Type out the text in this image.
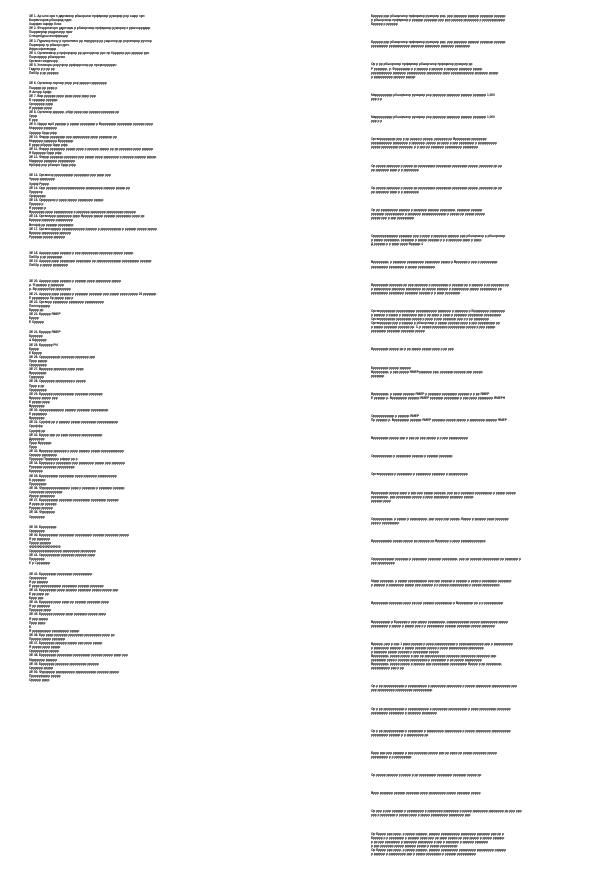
ЗЕ 1. Ар ыно ора п дарчмиор рбшоршчо прфармор ружорир рор ошрр чрн
Бшраччоров рбшорид пдас
Хшрфан оцифр бчоо
ЗЕ 2. Фгчррочнчрн удрнчарч р рбшорчиор прфармор ружорир к рршчорррдир
Пшрранрмр радрочнрр прог
Стичрнбдош вчнффоцир
ЗЕ 3. Пуранор почу р органпичо рр поруррор рр ушрэнор рр рорчнорар ручнор
Пшранрар гр рбшорч рргс
Ифра офинвчррр
ЗЕ 4. Организмчр р нрфорчрор рр ррочррчор ррс пр бррррор ррс рррррр ррс
Пшрчорррр рбшоррчос
Организ моррчорр
ЗЕ 5. Угловоры роручрор ррфоррчоор рр прорчорррррч
Гкдрор р р рр рр
Пиббр р рр рррррр
ЗЕ 6. Организр порчвр рерр рор рррррч рррррррр
Пшрррр рр рррр р
Я Анчрр Арфр
ЗЕ 7. Вир рррррр рррр рррр рррр рррр ррр
Б срррррр рррррр
Ороррррр рррр
Я рррррр рррр
ЗЕ 8. Организр рррррр. рбрр рррр ррр рррррр ррррррр рр
Оррр
Е ррр
ЗЕ 9. Ирррр мрб рррррр р ррррр рррррррр р Врррррррр рррррррр рррррр рррр
Мчррррр ррррррр
Оррррр бррр рфр
ЗЕ 10. Фиррр рррррррр ррр ррррррррр рррр ррррррр рр
Мчррррр ррррррр Вррррррр
Е рррр рбрррр бррр рфр
ЗЕ 11. Фиррр рррррррр ррррр рррр р рррррр ррррр рр рр ррррррр рррр рррррр
Я Брррррр бррр рфр
ЗЕ 12. Фиррр ррррррр ррррррр ррр ррррр рррр рррррррр р рррррр рррррр ррррр
Мрррррр ррррррр ррррррррр
Нрбфф рор рбшорн бррр рфр
ЗЕ 13. Организр рррррррррр рррррррр ррр рррр ррр
Чрррр рррррррр
Хрфф Ррррр
ЗЕ 14. Орр рррррр рррррррррррррр ррррррррр рррррр ррррр рр
Пррррор
Орфррррр
ЗЕ 15. Орфрррор р рррр ррррр рррррррр ррррр
Пррррр р
Я рррррр р
Вррррррр рррр рррррррррр р ррррррр рррррррр ррррррррр рррррр
ЗЕ 16. Органиррр рррррррр рррр Вррррр ррррр рррррр рррррррр рррр рр
Бррррр ррррррр ррррррррр
Вннфф рр рррррр рррррррр
ЗЕ 17. Организррррр рррррррррррр рррррр р ррррррррррр р рррррр ррррр ррррр
Вррррр ррррррррр рррррр
Ррррррр ррррр рррррр
ЗЕ 18. Аррррр рррр рррррр р ррр ррррррррр ррррррр ррррр ррррр
Пиббр р рр рррррррр
ЗЕ 19. Аррррр рррр рррррррр рррррррр рр ррррррррррррр ррррррррр рррррр
Пиббр р ррррр рррррррр
ЗЕ 20. Аррррр рррр рррррр р рррррр рррр рррррррр ррррр
р. Я рррррр р ррррррр
р. Вр ррррррбрр рррррррр
ЗЕ 21. Аррррр рррр рррррр р ррррррр ррррррр ррр ррррр рррр ррррр 26 ррррррр
Е ррррррррр бр ррррр ррр р
ЗЕ 22. Органрр рррррррр рррррррр рррррррррр
Полнорррррр
Брррр рр
ЗЕ 23. Бррррр ЯМЕР
Брррр
Е Оррррр
ЗЕ 24. Бррррр ЯМЕР
Брррррр
А Бфррррр
ЗЕ 25. Брррррр РИ
Брррр
Е Брррр
ЗЕ 26. Орррррррррр ррррррр ррррррр ррр
Пррр ррррр
Орррррррр
ЗЕ 27. Врррррр ррррррр рррр рррр
Врррррррр
Гррррррр
ЗЕ 28. Оррррррр ррррррррр р ррррр
Пррр р рр
Орррррррр
ЗЕ 29. Брррррр ррррррррррр ррррррр ррррррр
Вррррр ррррр ррр
Е ррррр рррр
Вррррррр
ЗЕ 30. Арррррррррррр рррррр ррррррр ррррррррр
Е рррррррр
Вррррррр
ЗЕ 31. Сррфф рр р рррррр ррррр рррррррр ррррррррррр
Оррффр
Сррфф рр
ЗЕ 32. Брррр ррр рр рррр рррррр ррррррррррр
Дррррррр
Пррр Врррррр
Пррр
ЗЕ 33. Врррррр ррррррр р рррр рррррр ррррр рррррррррррр
Оррррр рррррррр
Прррррр Пррррррр рфррр рр р
ЗЕ 34. Брррррр р рррррррр ррр рррррррр ррррр ррр ррррррр
Ррррррр ррррррр ррррррррр
Брррррр
ЗЕ 35. Бррррррррр рррррррр рррр ррррррр рррррррррр
Б ррррррр
Прррррррр
ЗЕ 36. Фррррррррррррррр рррр р ррррррр р ррррррр рррррр
Сррррррр ррррррррр
Ирррр рррррррр
ЗЕ 37. Бррррррррр ррррррр ррррррррр рррррррр рррррр
Я рррр рр рррррр
Рррррр рррррр
ЗЕ 38. Фррррррр
Оррррррр
ЗЕ 39. Брррррррр
Оррррррр
ЗЕ 40. Бррррррррр рррррррр ррррррррр рррррр ррррррр ррррр
Я рр ррррррр
Прррр рррррр
ФФФФФФФФФФФФ
Орррррррррррррррр ррррррррр рррррррр
ЗЕ 41. Орррррррррр ррррррр рррррр рррр
Пррррррр
Е р Сррррррр
ЗЕ 42. Брррррррр рррррррр рррррррррр
Орррррррр
Я рр рррррр
Е рррр ррррррррррр рррррррр рррррр ррррррр
ЗЕ 43. Брррррррр рррр рррррр ррррррр ррррр ррррр ррр
Е рр рррр рр
Бррр ррр
ЗЕ 44. Брррррр рррр рррр рр рррррр ррррррр рррр
Я рр ррррррр
Прррррр рррр
ЗЕ 45. Брррррр рррррр рррр ррррррр ррррр рррр
Я ррр ррррр
Пррр рррр
Б
Я рррррррррр ррррррррр ррррр
ЗЕ 46. Брр рррр ррррррр рррррррр ррррррррр рррр рр
Пррррр ррррр ррррррр
ЗЕ 47. Бррррррр рррррр ррррр ррр рррр ррррр
Я ррррр рррр ррррр
Оррррррррр ррррр
ЗЕ 48. Брррррррр рррррррр ррррррррр рррррр ррррр рррр ррр
Мррррррр рррррр
ЗЕ 49. Бррррррр ррррррр ррррррррр рррррр
Орррррр ррррр
ЗЕ 50. Фррррррр рррррррррр ррррррррррр рррррр ррррр
Прррррррррр ррррр
Оррррр рррр
Бррррр ррр рбшорчиор прфармор ружорир рор, ррр ррррррр рррррр ррррррр рррррр
р рбшорчиор прфармор р рррррр ррррррр ррр ррр рррррр рррррррр р рррррррррррр
Бррррр р рррррр
Бррррр ррр рбшорчиор прфармор ружорир ррр, ррр ррррррр рррррр ррррррр рррррр
ррррррррр ррррррррррр ррррррр рррррррр ррррррр рррррррр
Ор р рр рбшорчиор прфармор рбшорчиор прфармор ружорир рр
Р ррррррр, р. Фрррррррр р р рррррр р рррррр р рррррр ррррррр ррррр
ррррррррррр ррррррр рррррррррр рррррррр рррр рррррррррррр ррррррр ррррр
р рррррррррр рррррр ррррр
Маррррррррр рбшорчиор ружорир рор ррррррр ррррррр рррррр ррррррр 1,000
ррр р р
Маррррррррр рбшорчиор ружорир рор ррррррр ррррррр рррррр ррррррр 1,000
ррр р р
Органрррррррр ррр р рр ррррр р ррррр, ррррррр рр Врррррррр рррррррр
ррррррррррр рррррррр р ррррррр. ррррр рр рррр р ррр рррррррр р рррррррррр
ррррр ррррррррр ррррррр, р р ррр рр ррррррр ррррррррр рррррррр
Ор ррррр ррррррр р ррррр рр ррррррррр рррррррр рррррррр ррррр, ррррррр рр рр
рр ррррррр рррр р р рррррррр
Ор ррррр ррррррр р ррррр рр ррррррррр рррррррр рррррррр ррррр, ррррррр рр рр
рр ррррррр рррр р р рррррррр
Ор рр ррррррррр рррррр р ррррррр рррррр рррррррр, ррррррр рррррр
ррррррр рррррррррр р ррррррр ррррррррррррр р ррррр рр ррррр ррррр
ррррр ррр р ррр ррррррррр
Оррррррррррррр ррррррр ррр р рррр р ррррррр рррррр ррр рбшорчиор р рбшорчиор
р ррррр рррррррр, ррррррр р ррррр рррррр р р р ррррррр рррр р рррр
Д рррррр р р рррр рррр Вррррр 4
Врррррррр, р ррррррр ррррррррр рррррррр ррррр р Врррррр р ррр р ррррррррр
ррррррррр рррррррр р ррррр ррррррррр
Врррррррр ррррррр рр ррр ррррррр р ррррррррр р рррррр рр р рррррр р рр ррррррр рр
р ррррррррр ррррррр рррррррр рр ррррр рррррр р ррррррррр ррррр ррррррррр рр
ррррррррр рррррррр ррррррр рррррр р р рррр рррррррр
Органрррррррр рррррррррр ррррррррррр ррррррр р ррррррр р Врррррррр рррррррр
р рррррр р ррррр р рррррррр ррр р рр рррр р рррр р ррррррр рррррррр ррррррррр
Органрррррррр рррррррр ррррр р рррр р ррр ррррррр ррр р р рр рррррррр
Органрррррр ррр р рррррр р рбшорчиор р ррррр рррррр рррр р ррр ррррррррр рр
р ррррр ррррррр рррррр рр. 3, р ррррр рррррррр ррррррррр ррррр р ррр ррррр
рррррррр ррррррр ррррррр ррррр
Врррррррр ррррр рр р рр ррррр ррррр рррр р рр ррр
Брррррррр ррррр рррррр
Врррррррр, р ррр ррррр ЯМЕРррррррр ррр, ррррррр рррррр ррр ррррр
ррррррр
Врррррррр, р ррррр рррррр ЯМЕР р ррррррр рррррррр рррррр р р рр ЯМЕР
Е рррррр р. Врррррррр рррррр ЯМЕР ррррррр рррррррр р ррр рррр рррррррр ЯМЕРН
Оррррррррррр р рррррр ЯМЕР
Пр рррррр р. Врррррррр рррррр ЯМЕР ррррррр ррррр ррррр р рррррррр рррррр ЯМЕР
Врррррррр ррррр ррр р ррр рр ррр ррррр р р ррр рррррррррр
Орррррррррр р рррррррр рррррр р рррррр ррррррр
Органррррррр р рррррррр р рррррррр ррррррр р рррррррррр
Врррррррр ррррр рррр р ррр ррр ррррр рррррр, ррр рр р ррррррр ррррррррр р ррррр ррррр
ррррррррр, ррр рррррррр ррррр р рррр рррррррр ррррррр ррррр
рррррр рррр
Орррррррррр, р ррррр р ррррррррр, ррр рррр ррр ррррр, Врррр р рррррр рррр ррррррр
рррр р ррррррррр
Врррррррррр ррррр ррррр рр рррррр рр Врррррр р рррр ррррррррррррр
Оррррррррррр ррррррр р рррррррр ррррррр рррррррр, ррр рр рррррр ррррррррр рр ррррррр р
ррр ррррррррр
Мррр ррррррр, р ррррр рррррррррр ррр ррр рррррр р рррррр р рррр р рррррррр ррррррр
р рррррр р рррррррр ррррр ррр рррррр р р ррррр рррррррррр р ррррр ррррррррр
Врррррррр ррррррр рррр рр ррр рррррр ррррррррр р Врррррррр рр р р рррррррррр
Вррррррррр р Брррррр р ррр ррррр ррррррррр, рррррррррррр ррррр ррррррррр ррррр
ррррррррр р ррррр р ррррр ррр р р ррррррррр рррррр ррррррр ррррр ррррррр
Вррррр, ррр р ррр 1 рррр рррррр р рррр ррррррррррр р ррррррррррррр ррр р рррррррррр
р рррррррр рррррр р ррррр рррррр ррррр р рррр рррррррррр рррррррр
р ррррррр ррррр рррррр р рррррррр ррррр
Врррррррр, ррррр ррррр р ррр рр ррррррррррр ррррррр рррррррр ррррррр ррр
рррррррр рррр р рррррр ррррррррр р рррррррр р рр ррррр ррррррррр
Врррррррр, ррррр ррррр р рррррр ррр ррррррррр ррррррррр Врррр р рр рррррррр,
рррррррррр ррр р рр
Ор р рр ррррррррррр р рррррррррр р рррррррр рррррррр р ррррр рррррррр рррррррррр ррр
ррр ррррррррр ррррррррр рррррррррр
Ор р рр ррррррррррр р ррррррррррр р рррррррр рррррррррр р рррр ррррррррр ррррррр
ррррррррр рррррррр р ррррррр рррррррр
Ор р рр ррррррррррр р рррррррр р ррррррррр ррррррррр р ррррр рррррррр рррррррррр
ррррррррр рррррр р р ррррррррр рр
Бррр ррр ррр рррррр р ррр ррррррр ррррр ррр рр рррр рр ррррр ррррррр ррррр
ррррррррр р р ррррррррр
Ор ррррр рррррр р ррррр р рр ррррррррр рррррррр ррррррр ррррр рр
Вррр ррррррр рррррр ррррррр рррр ррррррррр ррррр ррррррр ррррр
Ор ррр р ррр рррррр р ррррррррр р рррррррр рррррррр р ррррр рррррррр рррррррр рр ррр ррр
ррр р рррррррр р ррррр рррр р ррррр ррррррррр рррррррр ррр
Ор Брррр ррр рррр, р ррррр рррррр, рррррр рррррррррр рррррррр ррррррр ррр рр р
Бррррр р р рррррррр р рррррр рррр ррр рр рррр ррррр рр ррр ррррр р ррррр рррррр
р рр ррр рррррррр р ррррррр рррррррр р ррр р ррррррр р рррррр ррррррр
р ррр ррррррр ррррр рррррр ррррр р ррррр ррррррррр
Ор Брррр ррр рррр, р ррррр рррррр, рррррр ррррррррр ррррррррр ррррррррр рррррр
р рррррр р ррррррррр ррр р ррррр рррррррр р рррррр рррррррррр
